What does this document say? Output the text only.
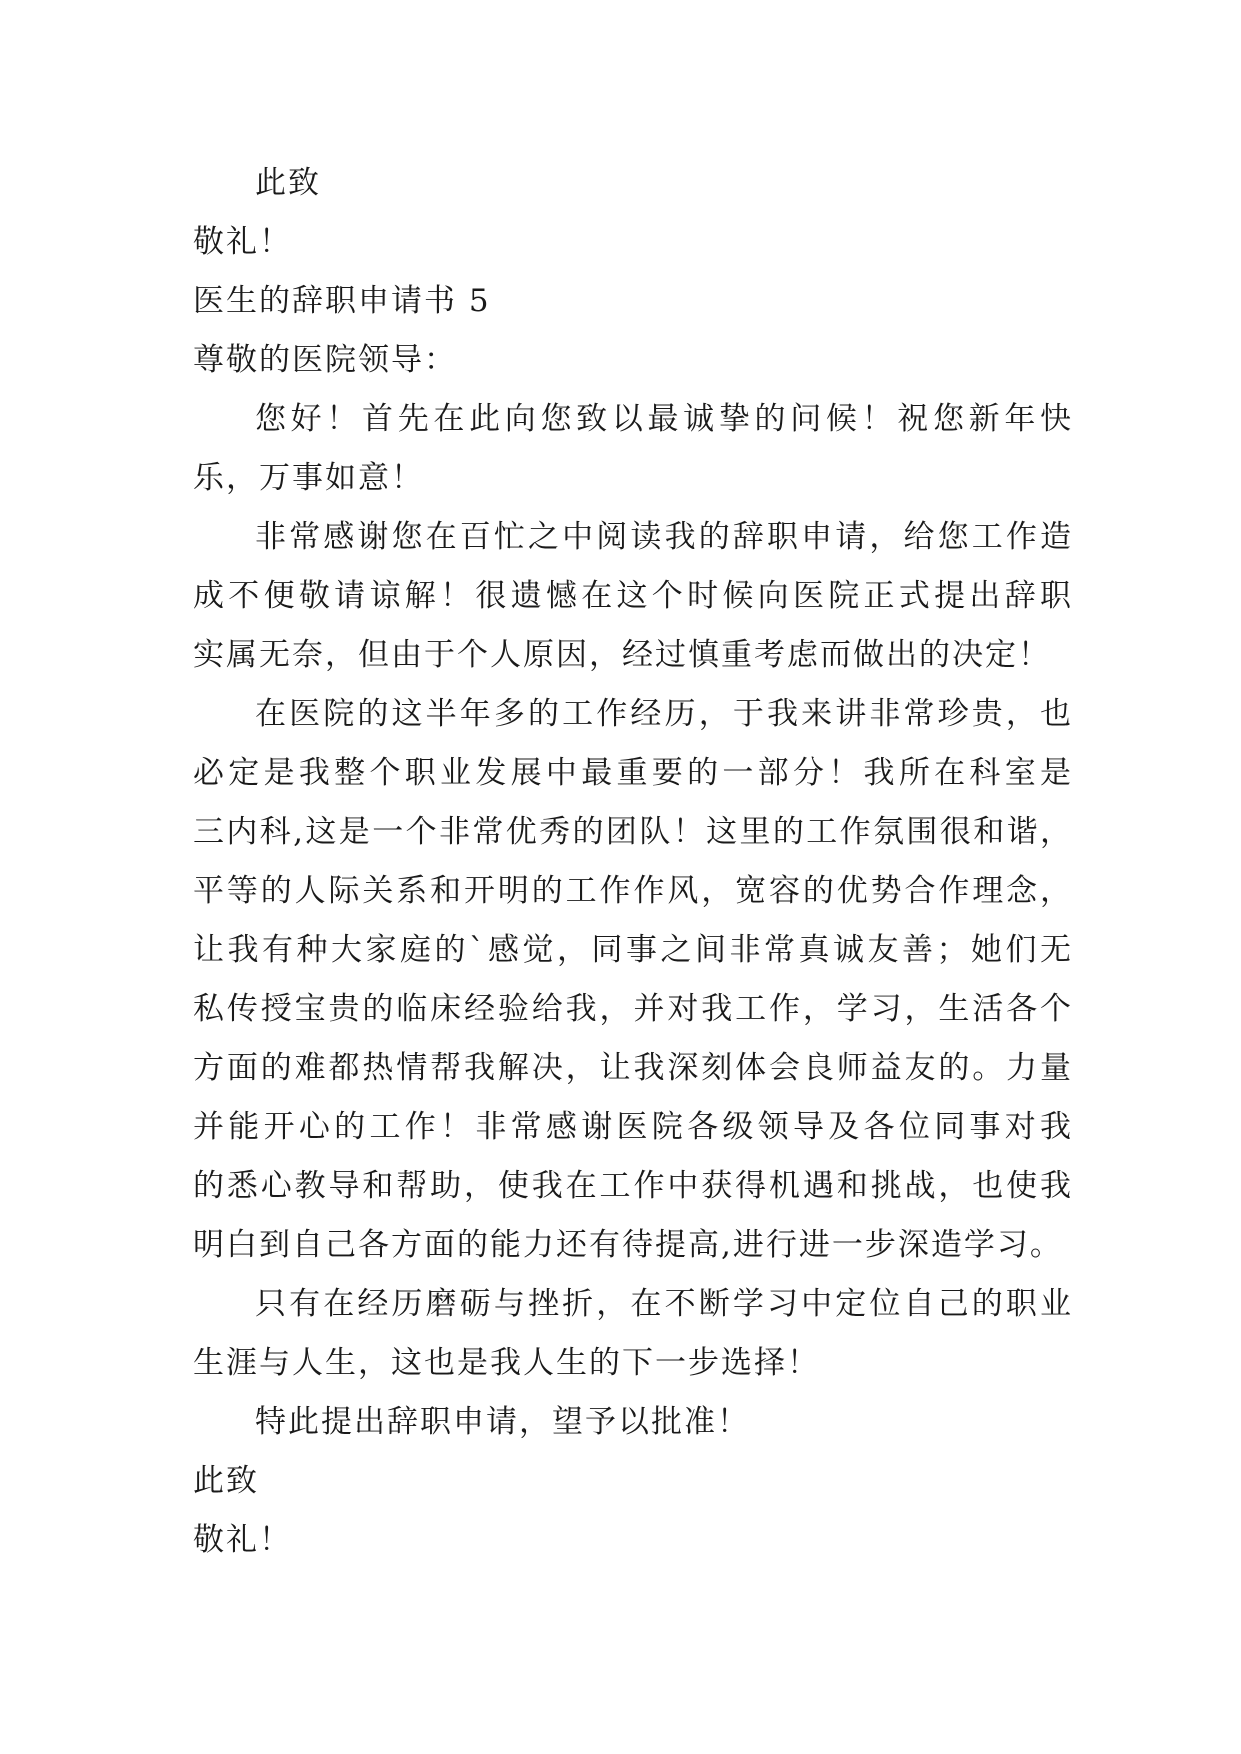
此致
敬礼！
医生的辞职申请书 5
尊敬的医院领导：
您好！首先在此向您致以最诚挚的问候！祝您新年快
乐，万事如意！
非常感谢您在百忙之中阅读我的辞职申请，给您工作造
成不便敬请谅解！很遗憾在这个时候向医院正式提出辞职
实属无奈，但由于个人原因，经过慎重考虑而做出的决定！
在医院的这半年多的工作经历，于我来讲非常珍贵，也
必定是我整个职业发展中最重要的一部分！我所在科室是
三内科,这是一个非常优秀的团队！这里的工作氛围很和谐，
平等的人际关系和开明的工作作风，宽容的优势合作理念，
让我有种大家庭的`感觉，同事之间非常真诚友善；她们无
私传授宝贵的临床经验给我，并对我工作，学习，生活各个
方面的难都热情帮我解决，让我深刻体会良师益友的。力量
并能开心的工作！非常感谢医院各级领导及各位同事对我
的悉心教导和帮助，使我在工作中获得机遇和挑战，也使我
明白到自己各方面的能力还有待提高,进行进一步深造学习。
只有在经历磨砺与挫折，在不断学习中定位自己的职业
生涯与人生，这也是我人生的下一步选择！
特此提出辞职申请，望予以批准！
此致
敬礼！
